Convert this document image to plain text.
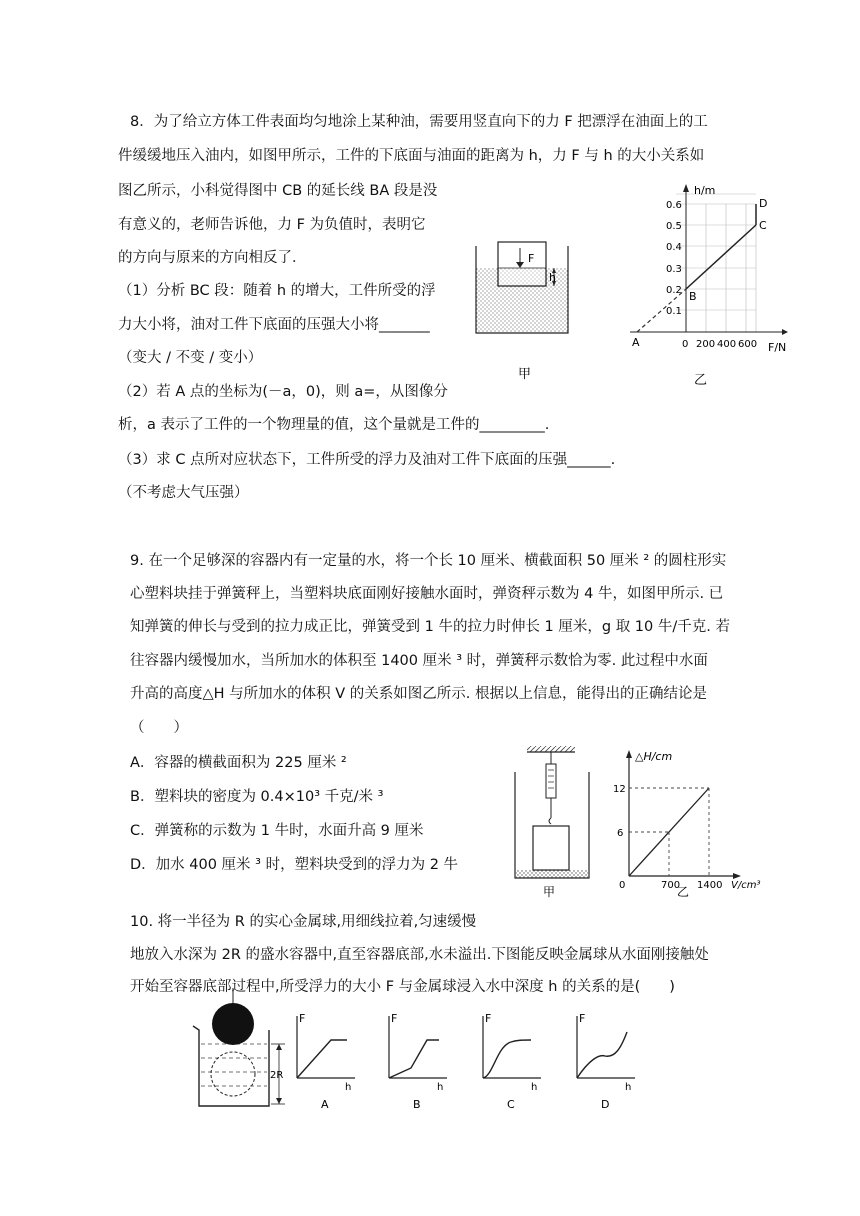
8．为了给立方体工件表面均匀地涂上某种油，需要用竖直向下的力 F 把漂浮在油面上的工
件缓缓地压入油内，如图甲所示，工件的下底面与油面的距离为 h，力 F 与 h 的大小关系如
图乙所示，小科觉得图中 CB 的延长线 BA 段是没
有意义的，老师告诉他，力 F 为负值时，表明它
的方向与原来的方向相反了．
（1）分析 BC 段：随着 h 的增大，工件所受的浮
力大小将，油对工件下底面的压强大小将_______
（变大 / 不变 / 变小）
（2）若 A 点的坐标为(－a，0)，则 a=，从图像分
析，a 表示了工件的一个物理量的值，这个量就是工件的_________.
（3）求 C 点所对应状态下，工件所受的浮力及油对工件下底面的压强______.
（不考虑大气压强）
F
h
甲
h/m
F/N
0.6
0.5
0.4
0.3
0.2
0.1
0 200 400 600
A
B
C
D
乙
9. 在一个足够深的容器内有一定量的水，将一个长 10 厘米、横截面积 50 厘米 ² 的圆柱形实
心塑料块挂于弹簧秤上，当塑料块底面刚好接触水面时，弹资秤示数为 4 牛，如图甲所示. 已
知弹簧的伸长与受到的拉力成正比，弹簧受到 1 牛的拉力时伸长 1 厘米，g 取 10 牛/千克. 若
往容器内缓慢加水，当所加水的体积至 1400 厘米 ³ 时，弹簧秤示数恰为零. 此过程中水面
升高的高度△H 与所加水的体积 V 的关系如图乙所示. 根据以上信息，能得出的正确结论是
（　　）
A．容器的横截面积为 225 厘米 ²
B．塑料块的密度为 0.4×10³ 千克/米 ³
C．弹簧称的示数为 1 牛时，水面升高 9 厘米
D．加水 400 厘米 ³ 时，塑料块受到的浮力为 2 牛
甲
△H/cm
V/cm³
12
6
0	700 1400
乙
10. 将一半径为 R 的实心金属球,用细线拉着,匀速缓慢
地放入水深为 2R 的盛水容器中,直至容器底部,水未溢出.下图能反映金属球从水面刚接触处
开始至容器底部过程中,所受浮力的大小 F 与金属球浸入水中深度 h 的关系的是(　　)
2R
F
h
A
F
h
B
F
h
C
F
h
D
